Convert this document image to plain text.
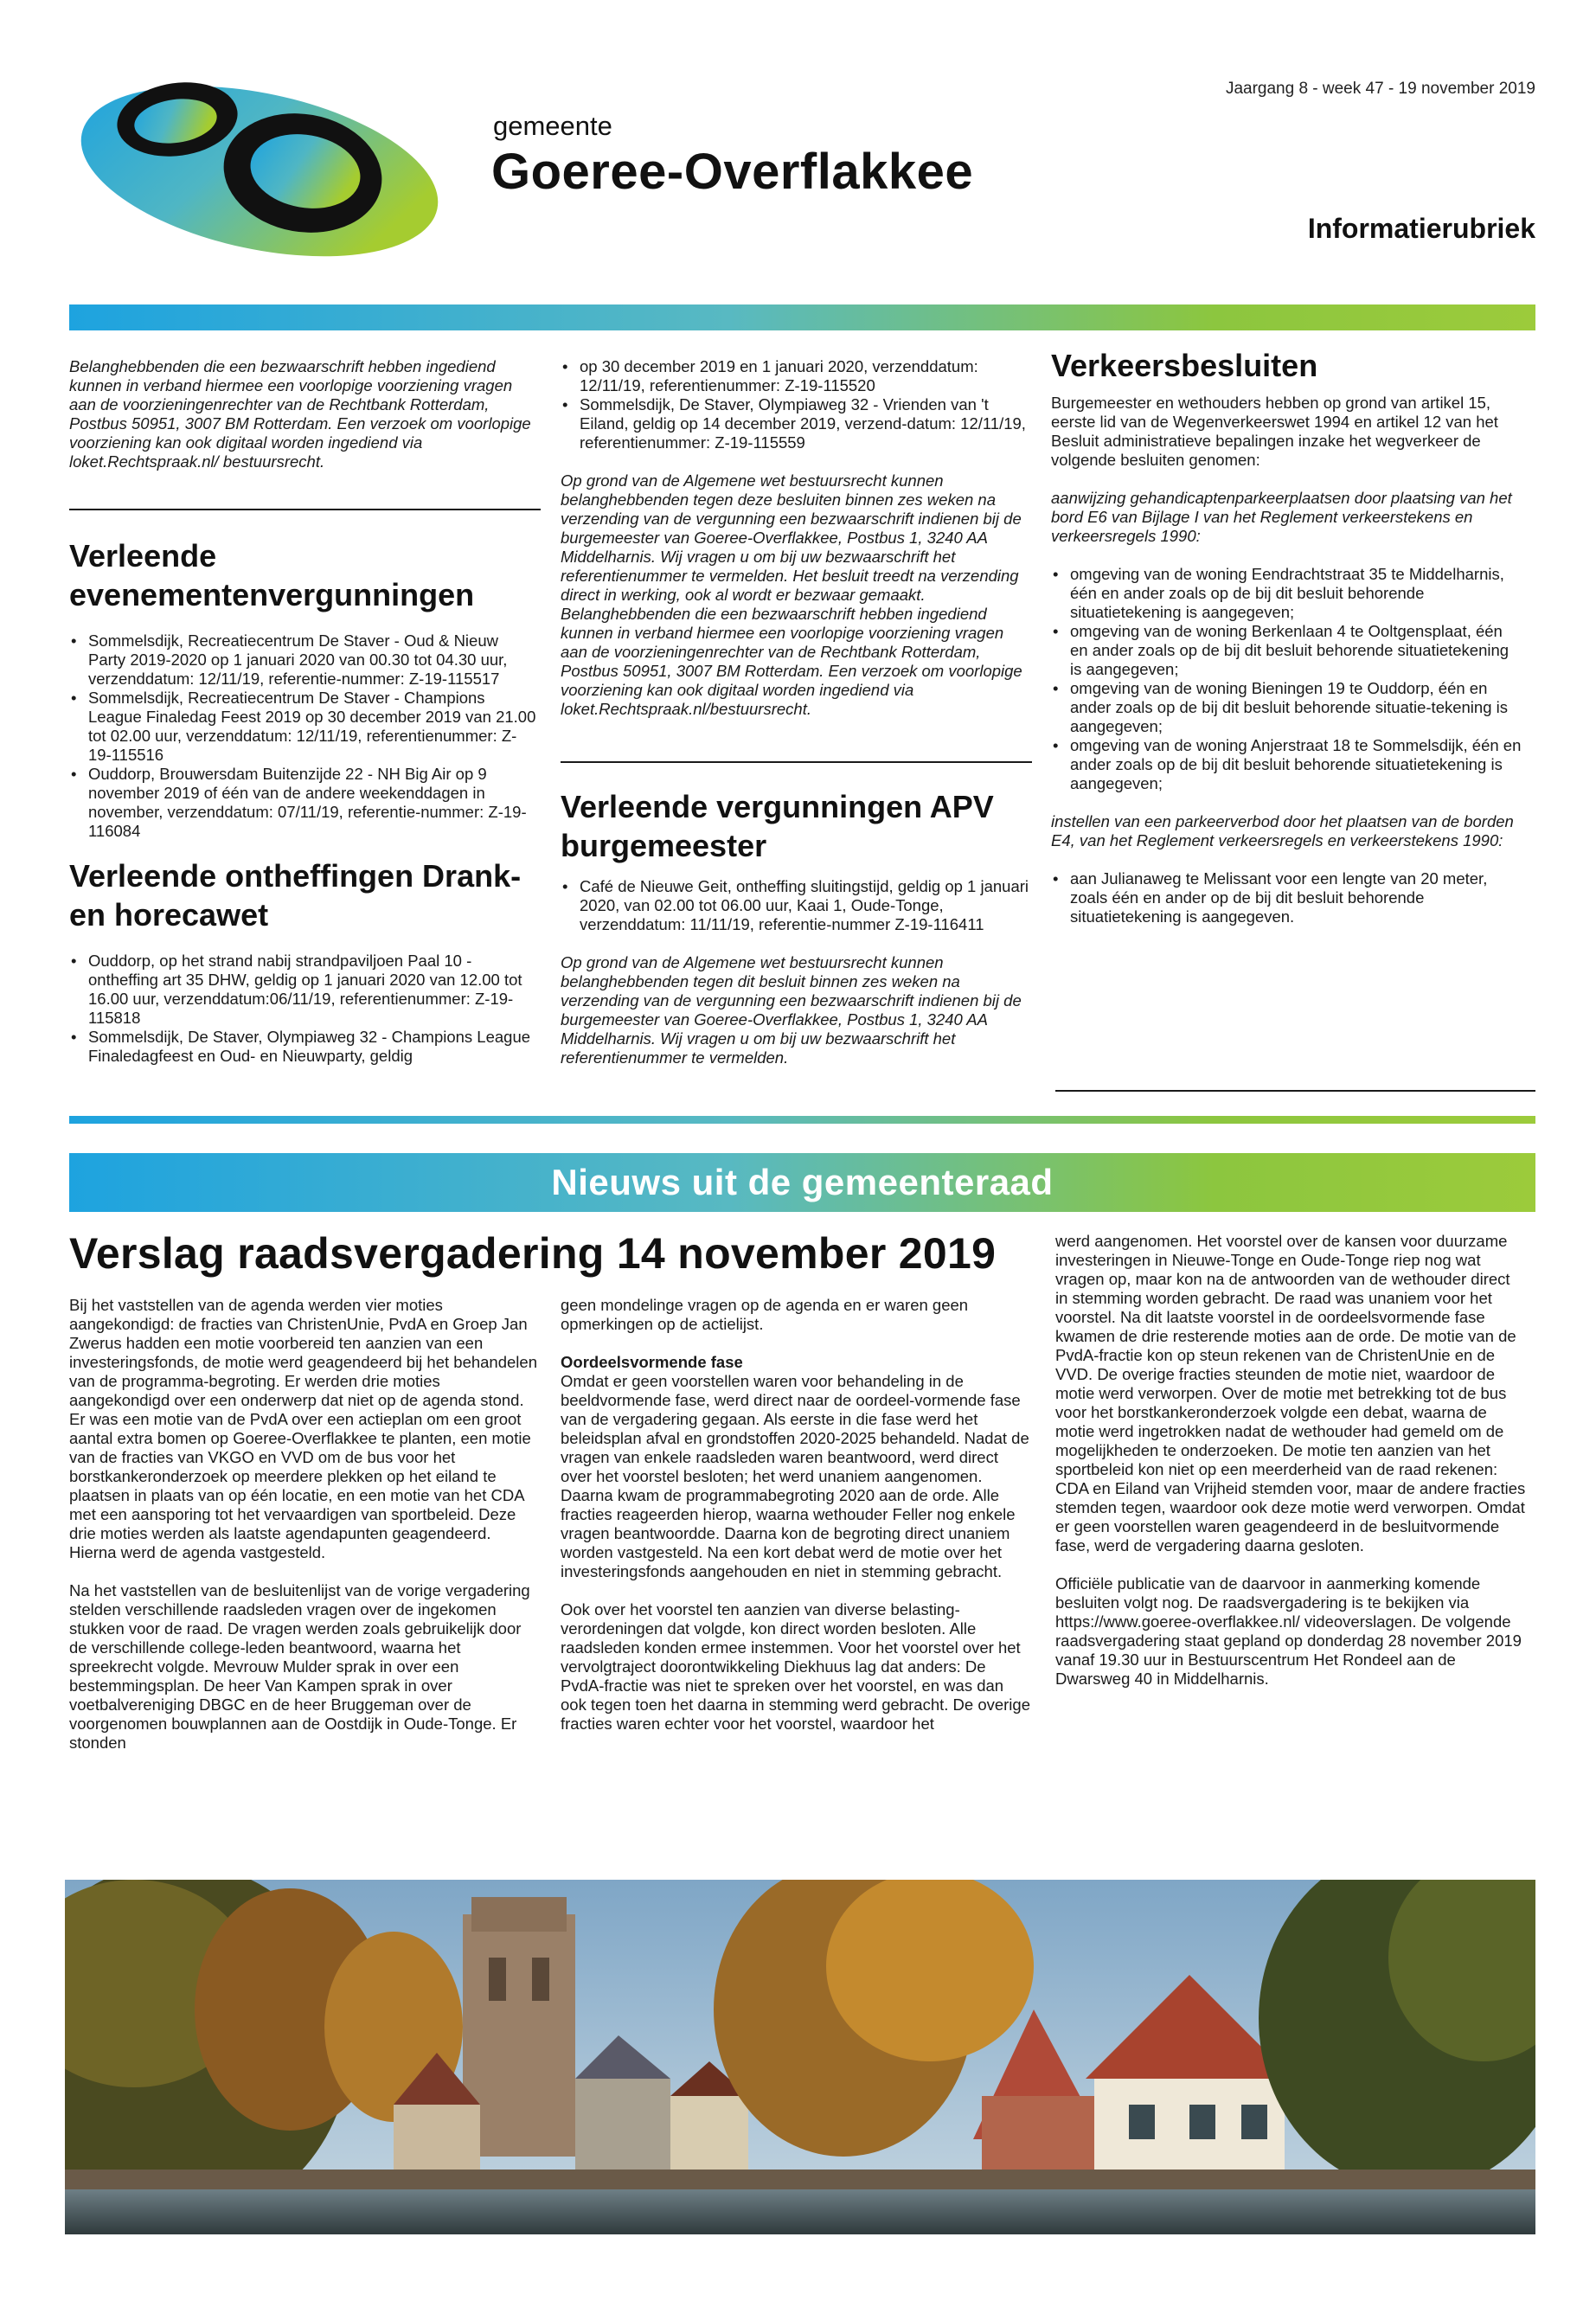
gemeente
Goeree-Overflakkee
Jaargang 8 - week 47 - 19 november 2019
Informatierubriek

Belanghebbenden die een bezwaarschrift hebben ingediend kunnen in verband hiermee een voorlopige voorziening vragen aan de voorzieningenrechter van de Rechtbank Rotterdam, Postbus 50951, 3007 BM Rotterdam. Een verzoek om voorlopige voorziening kan ook digitaal worden ingediend via loket.Rechtspraak.nl/ bestuursrecht.

Verleende evenementenvergunningen
• Sommelsdijk, Recreatiecentrum De Staver - Oud & Nieuw Party 2019-2020 op 1 januari 2020 van 00.30 tot 04.30 uur, verzenddatum: 12/11/19, referentie-nummer: Z-19-115517
• Sommelsdijk, Recreatiecentrum De Staver - Champions League Finaledag Feest 2019 op 30 december 2019 van 21.00 tot 02.00 uur, verzenddatum: 12/11/19, referentienummer: Z-19-115516
• Ouddorp, Brouwersdam Buitenzijde 22 - NH Big Air op 9 november 2019 of één van de andere weekenddagen in november, verzenddatum: 07/11/19, referentie-nummer: Z-19-116084
Verleende ontheffingen Drank- en horecawet
• Ouddorp, op het strand nabij strandpaviljoen Paal 10 - ontheffing art 35 DHW, geldig op 1 januari 2020 van 12.00 tot 16.00 uur, verzenddatum:06/11/19, referentienummer: Z-19-115818
• Sommelsdijk, De Staver, Olympiaweg 32 - Champions League Finaledagfeest en Oud- en Nieuwparty, geldig
• op 30 december 2019 en 1 januari 2020, verzenddatum: 12/11/19, referentienummer: Z-19-115520
• Sommelsdijk, De Staver, Olympiaweg 32 - Vrienden van 't Eiland, geldig op 14 december 2019, verzend-datum: 12/11/19, referentienummer: Z-19-115559

Op grond van de Algemene wet bestuursrecht kunnen belanghebbenden tegen deze besluiten binnen zes weken na verzending van de vergunning een bezwaarschrift indienen bij de burgemeester van Goeree-Overflakkee, Postbus 1, 3240 AA Middelharnis. Wij vragen u om bij uw bezwaarschrift het referentienummer te vermelden. Het besluit treedt na verzending direct in werking, ook al wordt er bezwaar gemaakt. Belanghebbenden die een bezwaarschrift hebben ingediend kunnen in verband hiermee een voorlopige voorziening vragen aan de voorzieningenrechter van de Rechtbank Rotterdam, Postbus 50951, 3007 BM Rotterdam. Een verzoek om voorlopige voorziening kan ook digitaal worden ingediend via loket.Rechtspraak.nl/bestuursrecht.

Verleende vergunningen APV burgemeester
• Café de Nieuwe Geit, ontheffing sluitingstijd, geldig op 1 januari 2020, van 02.00 tot 06.00 uur, Kaai 1, Oude-Tonge, verzenddatum: 11/11/19, referentie-nummer Z-19-116411

Op grond van de Algemene wet bestuursrecht kunnen belanghebbenden tegen dit besluit binnen zes weken na verzending van de vergunning een bezwaarschrift indienen bij de burgemeester van Goeree-Overflakkee, Postbus 1, 3240 AA Middelharnis. Wij vragen u om bij uw bezwaarschrift het referentienummer te vermelden.

Verkeersbesluiten

Burgemeester en wethouders hebben op grond van artikel 15, eerste lid van de Wegenverkeerswet 1994 en artikel 12 van het Besluit administratieve bepalingen inzake het wegverkeer de volgende besluiten genomen:

aanwijzing gehandicaptenparkeerplaatsen door plaatsing van het bord E6 van Bijlage I van het Reglement verkeerstekens en verkeersregels 1990:

• omgeving van de woning Eendrachtstraat 35 te Middelharnis, één en ander zoals op de bij dit besluit behorende situatietekening is aangegeven;
• omgeving van de woning Berkenlaan 4 te Ooltgensplaat, één en ander zoals op de bij dit besluit behorende situatietekening is aangegeven;
• omgeving van de woning Bieningen 19 te Ouddorp, één en ander zoals op de bij dit besluit behorende situatie-tekening is aangegeven;
• omgeving van de woning Anjerstraat 18 te Sommelsdijk, één en ander zoals op de bij dit besluit behorende situatietekening is aangegeven;

instellen van een parkeerverbod door het plaatsen van de borden E4, van het Reglement verkeersregels en verkeerstekens 1990:

• aan Julianaweg te Melissant voor een lengte van 20 meter, zoals één en ander op de bij dit besluit behorende situatietekening is aangegeven.
Nieuws uit de gemeenteraad
Verslag raadsvergadering 14 november 2019

Bij het vaststellen van de agenda werden vier moties aangekondigd: de fracties van ChristenUnie, PvdA en Groep Jan Zwerus hadden een motie voorbereid ten aanzien van een investeringsfonds, de motie werd geagendeerd bij het behandelen van de programma-begroting. Er werden drie moties aangekondigd over een onderwerp dat niet op de agenda stond. Er was een motie van de PvdA over een actieplan om een groot aantal extra bomen op Goeree-Overflakkee te planten, een motie van de fracties van VKGO en VVD om de bus voor het borstkankeronderzoek op meerdere plekken op het eiland te plaatsen in plaats van op één locatie, en een motie van het CDA met een aansporing tot het vervaardigen van sportbeleid. Deze drie moties werden als laatste agendapunten geagendeerd. Hierna werd de agenda vastgesteld.

Na het vaststellen van de besluitenlijst van de vorige vergadering stelden verschillende raadsleden vragen over de ingekomen stukken voor de raad. De vragen werden zoals gebruikelijk door de verschillende college-leden beantwoord, waarna het spreekrecht volgde. Mevrouw Mulder sprak in over een bestemmingsplan. De heer Van Kampen sprak in over voetbalvereniging DBGC en de heer Bruggeman over de voorgenomen bouwplannen aan de Oostdijk in Oude-Tonge. Er stonden

geen mondelinge vragen op de agenda en er waren geen opmerkingen op de actielijst.

Oordeelsvormende fase

Omdat er geen voorstellen waren voor behandeling in de beeldvormende fase, werd direct naar de oordeel-vormende fase van de vergadering gegaan. Als eerste in die fase werd het beleidsplan afval en grondstoffen 2020-2025 behandeld. Nadat de vragen van enkele raadsleden waren beantwoord, werd direct over het voorstel besloten; het werd unaniem aangenomen. Daarna kwam de programmabegroting 2020 aan de orde. Alle fracties reageerden hierop, waarna wethouder Feller nog enkele vragen beantwoordde. Daarna kon de begroting direct unaniem worden vastgesteld. Na een kort debat werd de motie over het investeringsfonds aangehouden en niet in stemming gebracht.

Ook over het voorstel ten aanzien van diverse belasting-verordeningen dat volgde, kon direct worden besloten. Alle raadsleden konden ermee instemmen. Voor het voorstel over het vervolgtraject doorontwikkeling Diekhuus lag dat anders: De PvdA-fractie was niet te spreken over het voorstel, en was dan ook tegen toen het daarna in stemming werd gebracht. De overige fracties waren echter voor het voorstel, waardoor het

werd aangenomen. Het voorstel over de kansen voor duurzame investeringen in Nieuwe-Tonge en Oude-Tonge riep nog wat vragen op, maar kon na de antwoorden van de wethouder direct in stemming worden gebracht. De raad was unaniem voor het voorstel. Na dit laatste voorstel in de oordeelsvormende fase kwamen de drie resterende moties aan de orde. De motie van de PvdA-fractie kon op steun rekenen van de ChristenUnie en de VVD. De overige fracties steunden de motie niet, waardoor de motie werd verworpen. Over de motie met betrekking tot de bus voor het borstkankeronderzoek volgde een debat, waarna de motie werd ingetrokken nadat de wethouder had gemeld om de mogelijkheden te onderzoeken. De motie ten aanzien van het sportbeleid kon niet op een meerderheid van de raad rekenen: CDA en Eiland van Vrijheid stemden voor, maar de andere fracties stemden tegen, waardoor ook deze motie werd verworpen. Omdat er geen voorstellen waren geagendeerd in de besluitvormende fase, werd de vergadering daarna gesloten.

Officiële publicatie van de daarvoor in aanmerking komende besluiten volgt nog. De raadsvergadering is te bekijken via https://www.goeree-overflakkee.nl/ videoverslagen. De volgende raadsvergadering staat gepland op donderdag 28 november 2019 vanaf 19.30 uur in Bestuurscentrum Het Rondeel aan de Dwarsweg 40 in Middelharnis.
